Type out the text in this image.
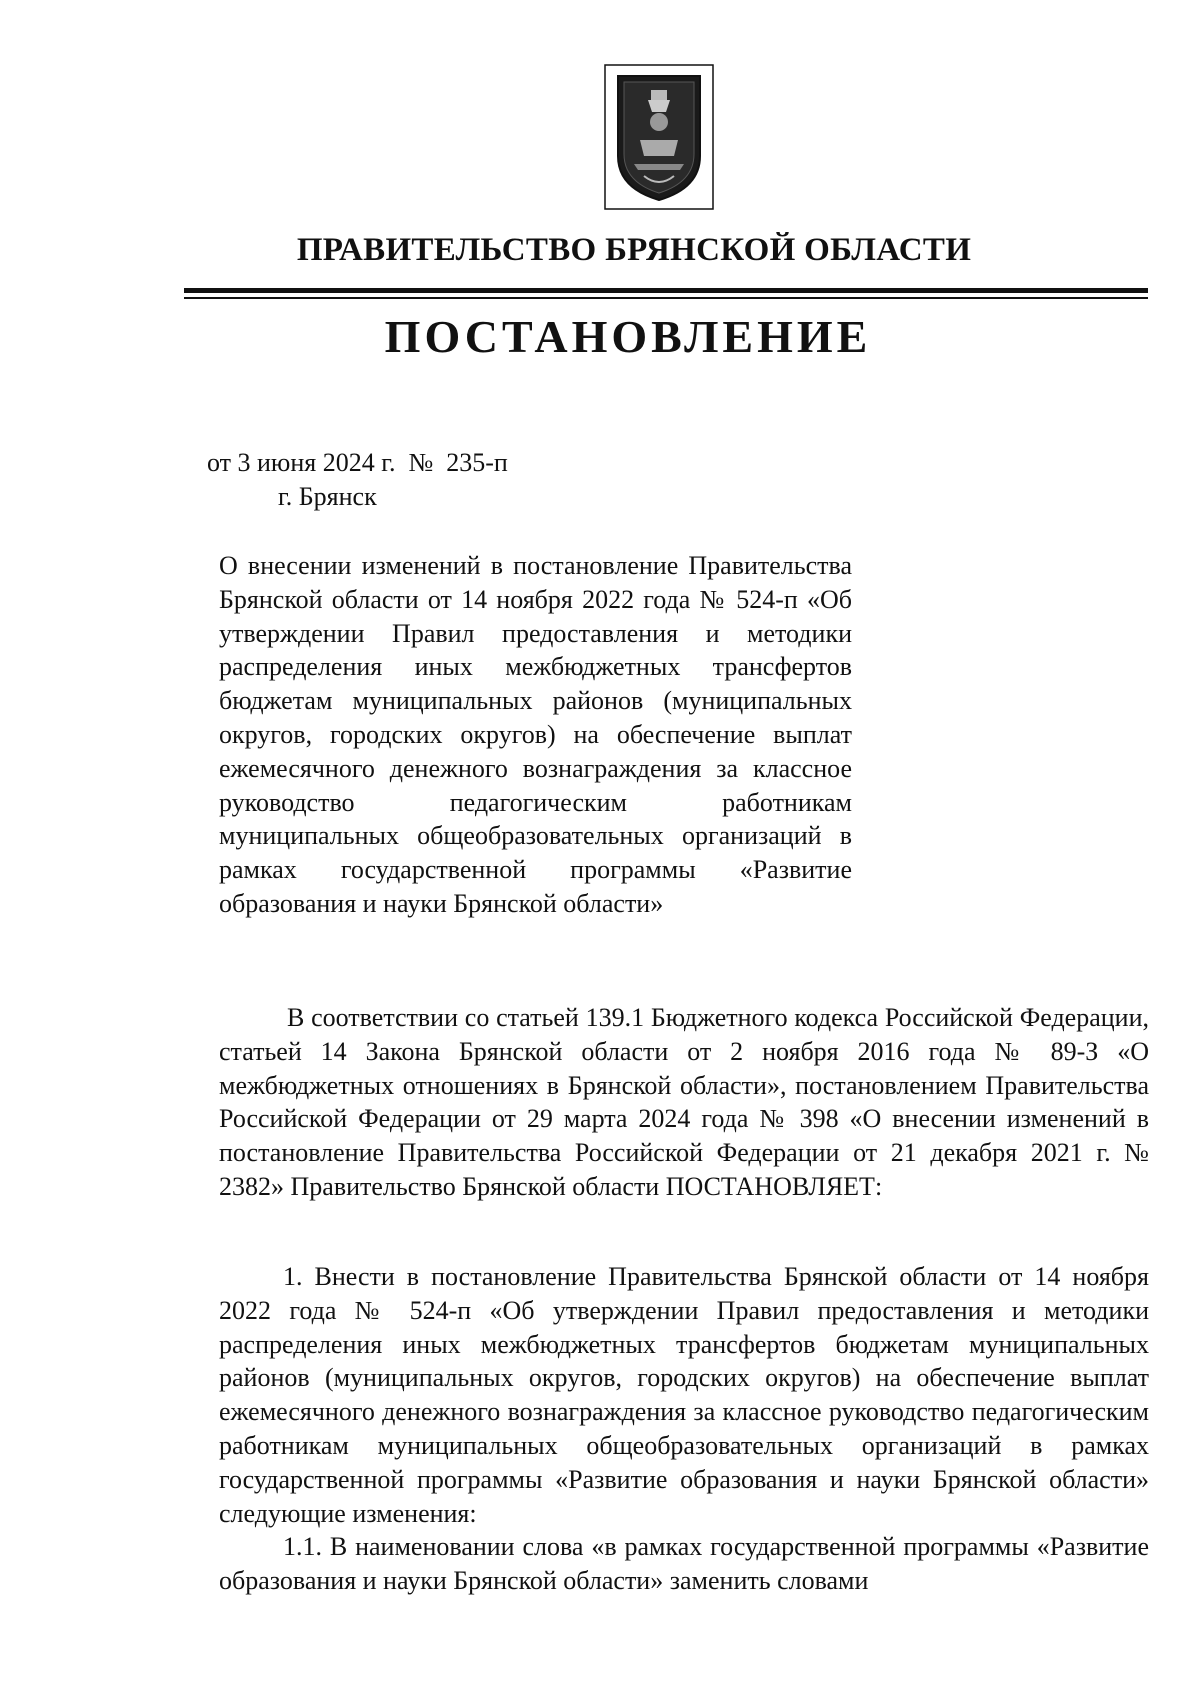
ПРАВИТЕЛЬСТВО БРЯНСКОЙ ОБЛАСТИ
ПОСТАНОВЛЕНИЕ
от 3 июня 2024 г.  №  235-п
г. Брянск
О внесении изменений в постановление Правительства Брянской области от 14 ноября 2022 года № 524-п «Об утверждении Правил предоставления и методики распределения иных межбюджетных трансфертов бюджетам муниципальных районов (муниципальных округов, городских округов) на обеспечение выплат ежемесячного денежного вознаграждения за классное руководство педагогическим работникам муниципальных общеобразовательных организаций в рамках государственной программы «Развитие образования и науки Брянской области»
В соответствии со статьей 139.1 Бюджетного кодекса Российской Федерации, статьей 14 Закона Брянской области от 2 ноября 2016 года № 89-З «О межбюджетных отношениях в Брянской области», постановлением Правительства Российской Федерации от 29 марта 2024 года № 398 «О внесении изменений в постановление Правительства Российской Федерации от 21 декабря 2021 г. № 2382» Правительство Брянской области ПОСТАНОВЛЯЕТ:
1. Внести в постановление Правительства Брянской области от 14 ноября 2022 года № 524-п «Об утверждении Правил предоставления и методики распределения иных межбюджетных трансфертов бюджетам муниципальных районов (муниципальных округов, городских округов) на обеспечение выплат ежемесячного денежного вознаграждения за классное руководство педагогическим работникам муниципальных общеобразовательных организаций в рамках государственной программы «Развитие образования и науки Брянской области» следующие изменения:
1.1. В наименовании слова «в рамках государственной программы «Развитие образования и науки Брянской области» заменить словами
